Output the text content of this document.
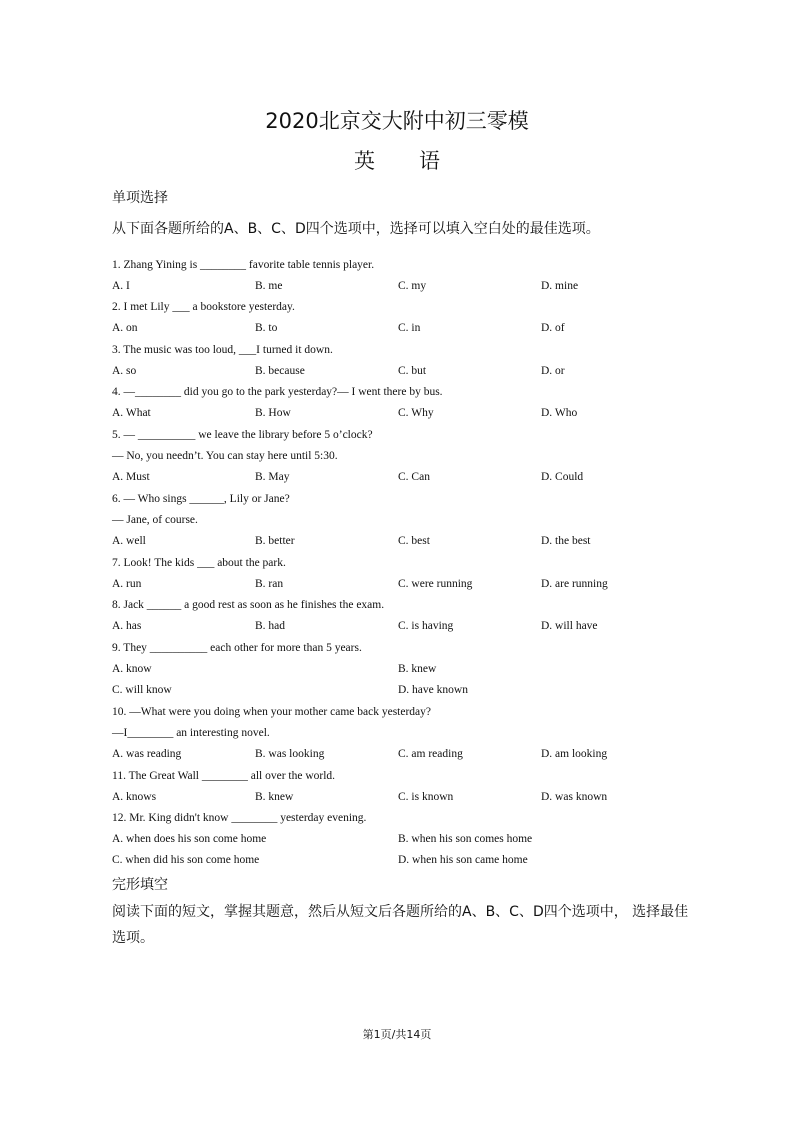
2020北京交大附中初三零模
英 语
单项选择
从下面各题所给的A、B、C、D四个选项中，选择可以填入空白处的最佳选项。
1. Zhang Yining is ________ favorite table tennis player.
A. I	B. me	C. my	D. mine
2. I met Lily ___ a bookstore yesterday.
A. on	B. to	C. in	D. of
3. The music was too loud, ___I turned it down.
A. so	B. because	C. but	D. or
4. —________ did you go to the park yesterday?— I went there by bus.
A. What	B. How	C. Why	D. Who
5. — __________ we leave the library before 5 o’clock?
— No, you needn’t. You can stay here until 5:30.
A. Must	B. May	C. Can	D. Could
6. — Who sings ______, Lily or Jane?
— Jane, of course.
A. well	B. better	C. best	D. the best
7. Look! The kids ___ about the park.
A. run	B. ran	C. were running	D. are running
8. Jack ______ a good rest as soon as he finishes the exam.
A. has	B. had	C. is having	D. will have
9. They __________ each other for more than 5 years.
A. know	B. knew
C. will know	D. have known
10. —What were you doing when your mother came back yesterday?
—I________ an interesting novel.
A. was reading	B. was looking	C. am reading	D. am looking
11. The Great Wall ________ all over the world.
A. knows	B. knew	C. is known	D. was known
12. Mr. King didn't know ________ yesterday evening.
A. when does his son come home	B. when his son comes home
C. when did his son come home	D. when his son came home
完形填空
阅读下面的短文，掌握其题意，然后从短文后各题所给的A、B、C、D四个选项中， 选择最佳选项。
第1页/共14页
